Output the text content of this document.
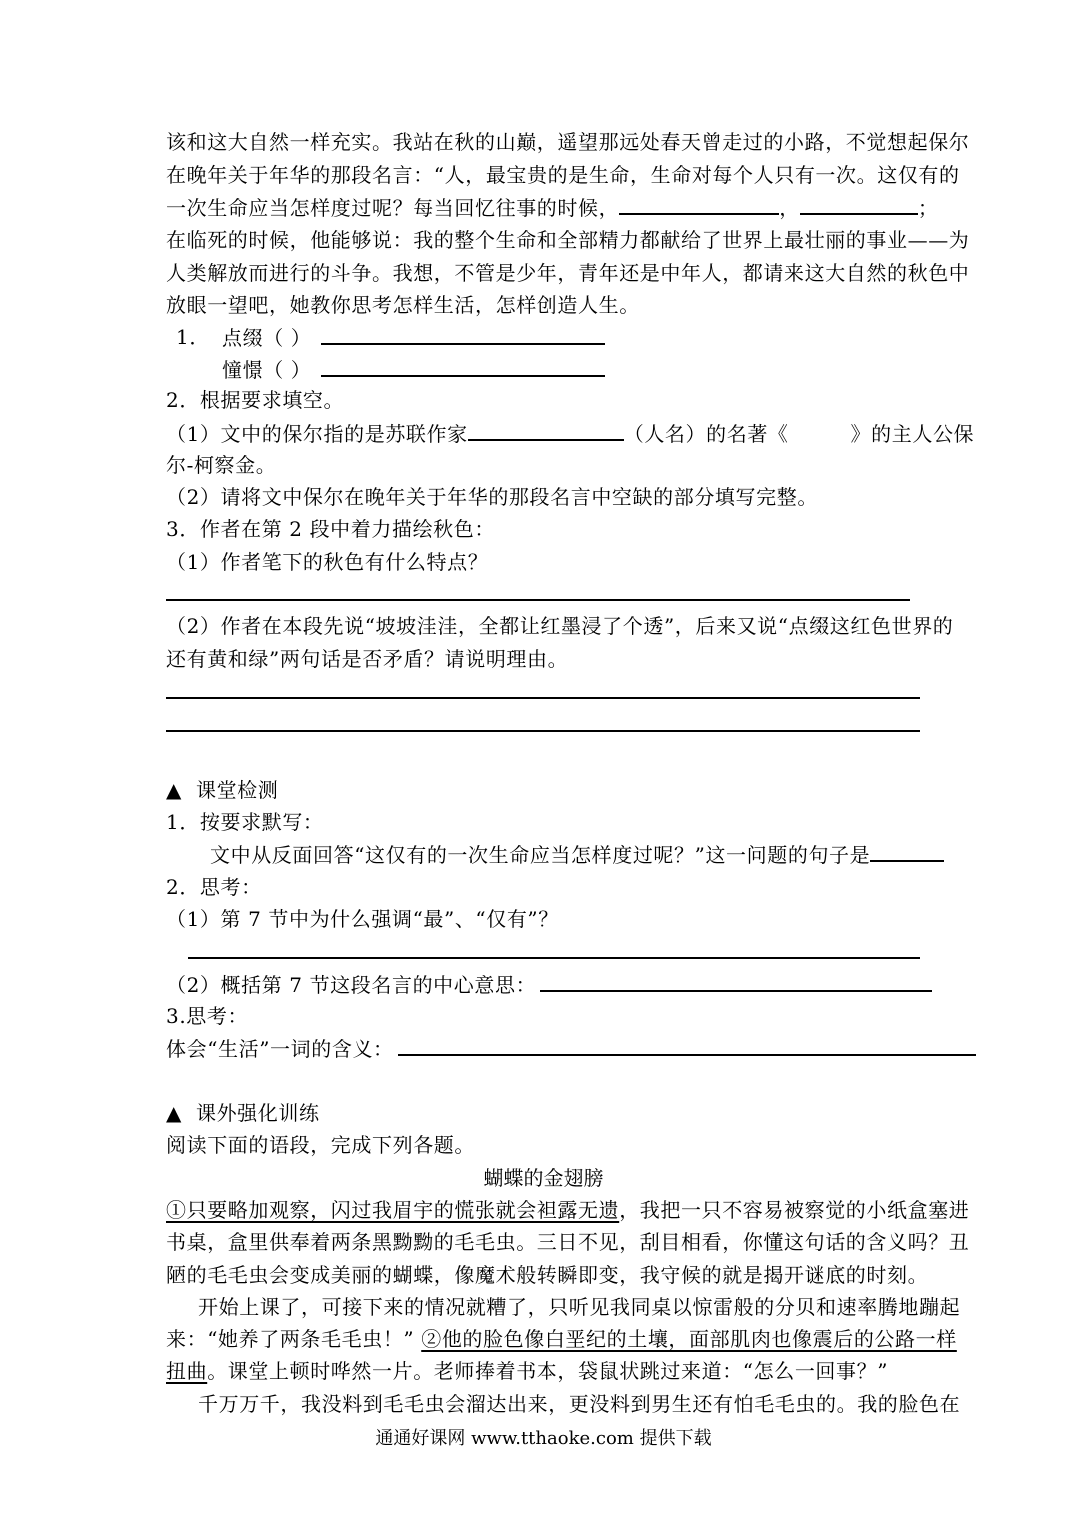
该和这大自然一样充实。我站在秋的山巅，遥望那远处春天曾走过的小路，不觉想起保尔
在晚年关于年华的那段名言：“人，最宝贵的是生命，生命对每个人只有一次。这仅有的
一次生命应当怎样度过呢？每当回忆往事的时候，	，	；
在临死的时候，他能够说：我的整个生命和全部精力都献给了世界上最壮丽的事业——为
人类解放而进行的斗争。我想，不管是少年，青年还是中年人，都请来这大自然的秋色中
放眼一望吧，她教你思考怎样生活，怎样创造人生。
1． 点缀（ ）
憧憬（ ）
2．根据要求填空。
（1）文中的保尔指的是苏联作家	（人名）的名著《	》的主人公保
尔-柯察金。
（2）请将文中保尔在晚年关于年华的那段名言中空缺的部分填写完整。
3．作者在第 2 段中着力描绘秋色：
（1）作者笔下的秋色有什么特点？
（2）作者在本段先说“坡坡洼洼，全都让红墨浸了个透”，后来又说“点缀这红色世界的
还有黄和绿”两句话是否矛盾？请说明理由。
▲ 课堂检测
1．按要求默写：
文中从反面回答“这仅有的一次生命应当怎样度过呢？”这一问题的句子是
2．思考：
（1）第 7 节中为什么强调“最”、“仅有”？
（2）概括第 7 节这段名言的中心意思：
3.思考：
体会“生活”一词的含义：
▲ 课外强化训练
阅读下面的语段，完成下列各题。
蝴蝶的金翅膀
①只要略加观察，闪过我眉宇的慌张就会袒露无遗，我把一只不容易被察觉的小纸盒塞进
书桌，盒里供奉着两条黑黝黝的毛毛虫。三日不见，刮目相看，你懂这句话的含义吗？丑
陋的毛毛虫会变成美丽的蝴蝶，像魔术般转瞬即变，我守候的就是揭开谜底的时刻。
开始上课了，可接下来的情况就糟了，只听见我同桌以惊雷般的分贝和速率腾地蹦起
来：“她养了两条毛毛虫！” ②他的脸色像白垩纪的土壤，面部肌肉也像震后的公路一样
扭曲。课堂上顿时哗然一片。老师捧着书本，袋鼠状跳过来道：“怎么一回事？”
千万万千，我没料到毛毛虫会溜达出来，更没料到男生还有怕毛毛虫的。我的脸色在
通通好课网 www.tthaoke.com 提供下载
